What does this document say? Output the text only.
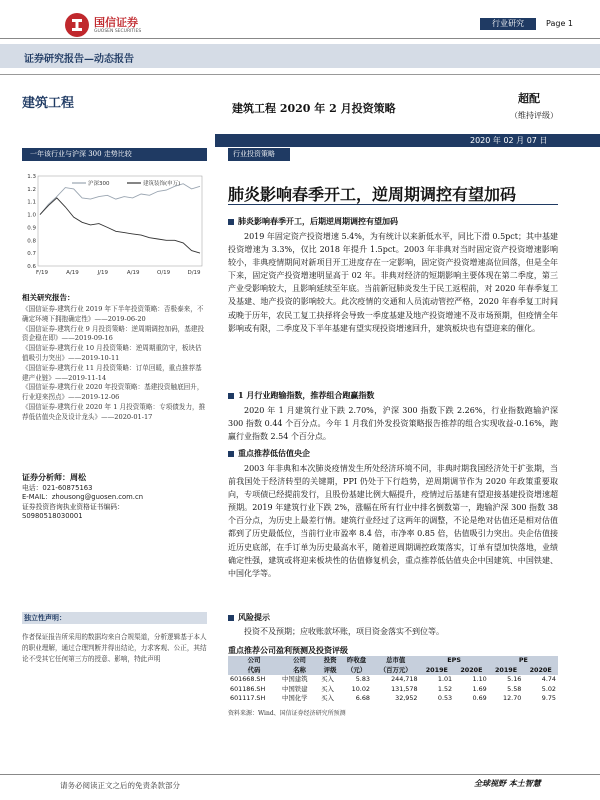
国信证券
GUOSEN SECURITIES
行业研究	Page 1
证券研究报告—动态报告
建筑工程	建筑工程 2020 年 2 月投资策略
超配
（维持评级）
2020 年 02 月 07 日
一年该行业与沪深 300 走势比较	行业投资策略
肺炎影响春季开工，逆周期调控有望加码
1.3
1.2
1.1
1.0
0.9
0.8
0.7
0.6
F/19	A/19	J/19	A/19	O/19	D/19
沪深300	建筑装饰(申万)
相关研究报告：
《国信证券-建筑行业 2019 年下半年投资策略：否极泰来，不确定环境下拥抱确定性》——2019-06-20
《国信证券-建筑行业 9 月投资策略：逆周期调控加码，基建投资企稳在即》——2019-09-16
《国信证券-建筑行业 10 月投资策略：逆周期重防守，板块估值吸引力突出》——2019-10-11
《国信证券-建筑行业 11 月投资策略：订单回暖，重点推荐基建产业链》——2019-11-14
《国信证券-建筑行业 2020 年投资策略：基建投资触底回升，行业迎来拐点》——2019-12-06
《国信证券-建筑行业 2020 年 1 月投资策略：专项债发力，推荐低估值央企及设计龙头》——2020-01-17
证券分析师：周松
电话：021-60875163
E-MAIL：zhousong@guosen.com.cn
证券投资咨询执业资格证书编码：
S0980518030001
独立性声明：
作者保证报告所采用的数据均来自合规渠道，分析逻辑基于本人的职业理解，通过合理判断并得出结论，力求客观、公正，其结论不受其它任何第三方的授意、影响，特此声明
肺炎影响春季开工，后期逆周期调控有望加码
2019 年固定资产投资增速 5.4%，为有统计以来新低水平，同比下滑 0.5pct；其中基建投资增速为 3.3%，仅比 2018 年提升 1.5pct。2003 年非典对当时固定资产投资增速影响较小，非典疫情期间对新项目开工进度存在一定影响，固定资产投资增速高位回落，但是全年下来，固定资产投资增速明显高于 02 年。非典对经济的短期影响主要体现在第二季度，第三产业受影响较大，且影响延续至年底。当前新冠肺炎发生于民工返程前，对 2020 年春季复工及基建、地产投资的影响较大。此次疫情的交通和人员流动管控严格，2020 年春季复工时间或晚于历年，农民工复工抉择将会导致一季度基建及地产投资增速不及市场预期，但疫情全年影响或有限，二季度及下半年基建有望实现投资增速回升，建筑板块也有望迎来的催化。
1 月行业跑输指数，推荐组合跑赢指数
2020 年 1 月建筑行业下跌 2.70%，沪深 300 指数下跌 2.26%，行业指数跑输沪深 300 指数 0.44 个百分点。今年 1 月我们外发投资策略报告推荐的组合实现收益-0.16%，跑赢行业指数 2.54 个百分点。
重点推荐低估值央企
2003 年非典和本次肺炎疫情发生所处经济环境不同，非典时期我国经济处于扩张期，当前我国处于经济转型的关键期，PPI 仍处于下行趋势，逆周期调节作为 2020 年政策重要取向，专项债已经提前发行，且股份基建比例大幅提升，疫情过后基建有望迎接基建投资增速超预期。2019 年建筑行业下跌 2%，涨幅在所有行业中排名倒数第一，跑输沪深 300 指数 38 个百分点，为历史上最差行情。建筑行业经过了这两年的调整，不论是绝对估值还是相对估值都到了历史最低位，当前行业市盈率 8.4 倍，市净率 0.85 倍，估值吸引力突出。央企估值接近历史底部，在手订单为历史最高水平，随着逆周期调控政策落实，订单有望加快落地，业绩确定性强，建筑或将迎来板块性的估值修复机会，重点推荐低估值央企中国建筑、中国铁建、中国化学等。
风险提示
投资不及预期；应收账款坏账，项目资金落实不到位等。
重点推荐公司盈利预测及投资评级
公司	公司	投资	昨收盘	总市值	EPS		PE	
代码	名称	评级	（元）	（百万元）	2019E	2020E	2019E	2020E
601668.SH	中国建筑	买入	5.83	244,718	1.01	1.10	5.16	4.74
601186.SH	中国铁建	买入	10.02	131,578	1.52	1.69	5.58	5.02
601117.SH	中国化学	买入	6.68	32,952	0.53	0.69	12.70	9.75
资料来源：Wind、国信证券经济研究所预测
请务必阅读正文之后的免责条款部分	全球视野 本土智慧
